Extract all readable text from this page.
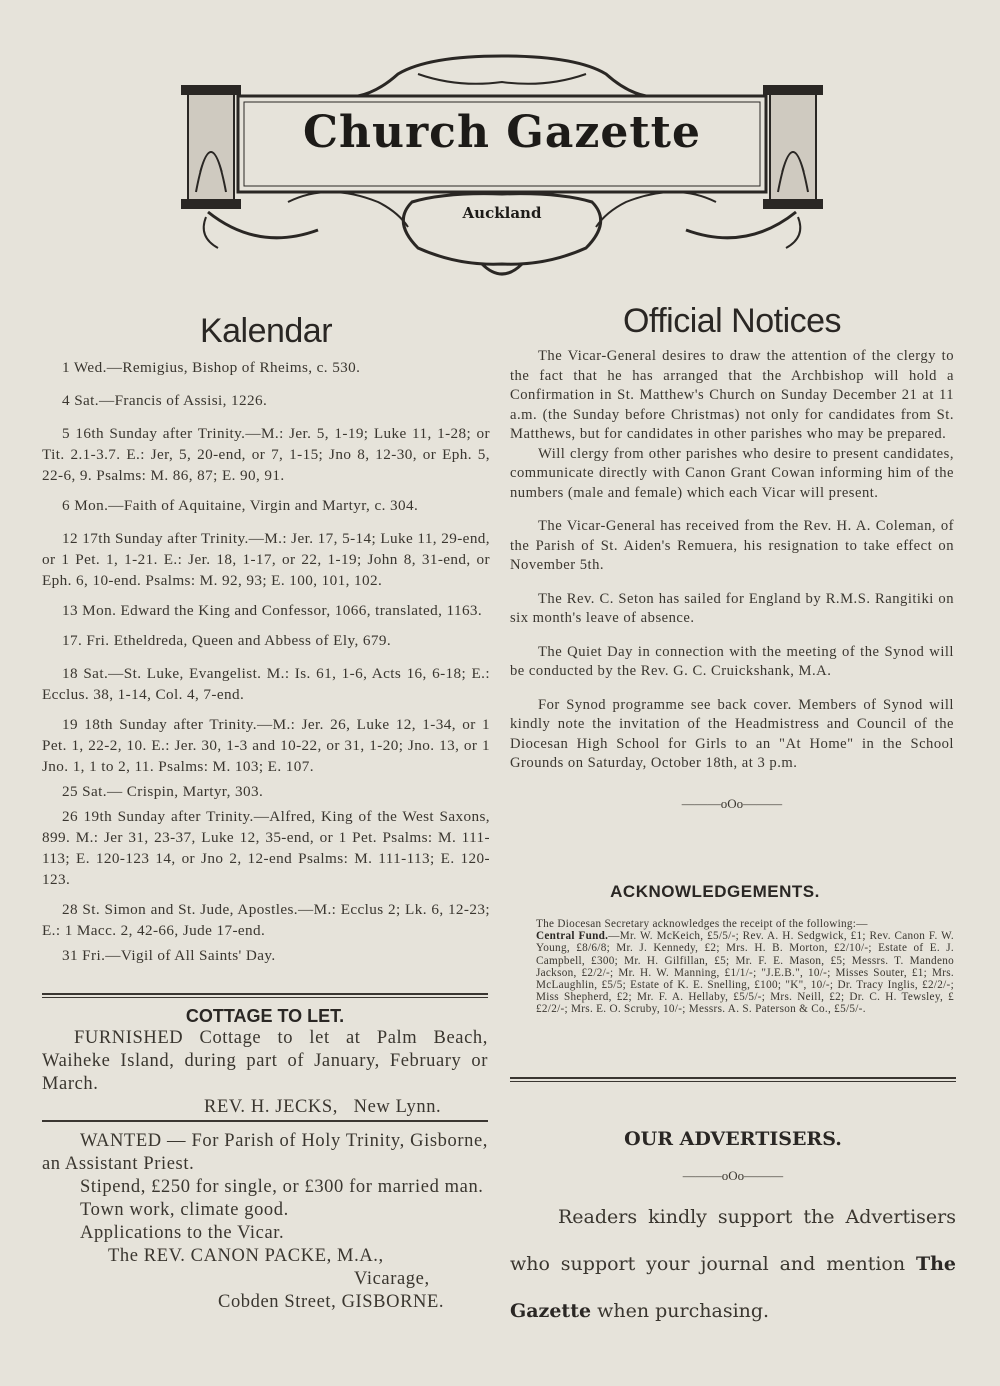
Church Gazette
Auckland
Kalendar

1 Wed.—Remigius, Bishop of Rheims, c. 530.

4 Sat.—Francis of Assisi, 1226.

5 16th Sunday after Trinity.—M.: Jer. 5, 1-19; Luke 11, 1-28; or Tit. 2.1-3.7. E.: Jer, 5, 20-end, or 7, 1-15; Jno 8, 12-30, or Eph. 5, 22-6, 9. Psalms: M. 86, 87; E. 90, 91.

6 Mon.—Faith of Aquitaine, Virgin and Martyr, c. 304.

12 17th Sunday after Trinity.—M.: Jer. 17, 5-14; Luke 11, 29-end, or 1 Pet. 1, 1-21. E.: Jer. 18, 1-17, or 22, 1-19; John 8, 31-end, or Eph. 6, 10-end. Psalms: M. 92, 93; E. 100, 101, 102.

13 Mon. Edward the King and Confessor, 1066, translated, 1163.

17. Fri. Etheldreda, Queen and Abbess of Ely, 679.

18 Sat.—St. Luke, Evangelist. M.: Is. 61, 1-6, Acts 16, 6-18; E.: Ecclus. 38, 1-14, Col. 4, 7-end.

19 18th Sunday after Trinity.—M.: Jer. 26, Luke 12, 1-34, or 1 Pet. 1, 22-2, 10. E.: Jer. 30, 1-3 and 10-22, or 31, 1-20; Jno. 13, or 1 Jno. 1, 1 to 2, 11. Psalms: M. 103; E. 107.

25 Sat.— Crispin, Martyr, 303.

26 19th Sunday after Trinity.—Alfred, King of the West Saxons, 899. M.: Jer 31, 23-37, Luke 12, 35-end, or 1 Pet. Psalms: M. 111-113; E. 120-123 14, or Jno 2, 12-end Psalms: M. 111-113; E. 120-123.

28 St. Simon and St. Jude, Apostles.—M.: Ecclus 2; Lk. 6, 12-23; E.: 1 Macc. 2, 42-66, Jude 17-end.

31 Fri.—Vigil of All Saints' Day.

COTTAGE TO LET.

FURNISHED Cottage to let at Palm Beach, Waiheke Island, during part of January, February or March.

REV. H. JECKS,   New Lynn.

WANTED — For Parish of Holy Trinity, Gisborne, an Assistant Priest.

Stipend, £250 for single, or £300 for married man.

Town work, climate good.

Applications to the Vicar.

The REV. CANON PACKE, M.A.,

Vicarage,

Cobden Street, GISBORNE.

Official Notices

The Vicar-General desires to draw the attention of the clergy to the fact that he has arranged that the Archbishop will hold a Confirmation in St. Matthew's Church on Sunday December 21 at 11 a.m. (the Sunday before Christmas) not only for candidates from St. Matthews, but for candidates in other parishes who may be prepared.

Will clergy from other parishes who desire to present candidates, communicate directly with Canon Grant Cowan informing him of the numbers (male and female) which each Vicar will present.

The Vicar-General has received from the Rev. H. A. Coleman, of the Parish of St. Aiden's Remuera, his resignation to take effect on November 5th.

The Rev. C. Seton has sailed for England by R.M.S. Rangitiki on six month's leave of absence.

The Quiet Day in connection with the meeting of the Synod will be conducted by the Rev. G. C. Cruickshank, M.A.

For Synod programme see back cover. Members of Synod will kindly note the invitation of the Headmistress and Council of the Diocesan High School for Girls to an "At Home" in the School Grounds on Saturday, October 18th, at 3 p.m.

———oOo———
ACKNOWLEDGEMENTS.

The Diocesan Secretary acknowledges the receipt of the following:—

Central Fund.—Mr. W. McKeich, £5/5/-; Rev. A. H. Sedgwick, £1; Rev. Canon F. W. Young, £8/6/8; Mr. J. Kennedy, £2; Mrs. H. B. Morton, £2/10/-; Estate of E. J. Campbell, £300; Mr. H. Gilfillan, £5; Mr. F. E. Mason, £5; Messrs. T. Mandeno Jackson, £2/2/-; Mr. H. W. Manning, £1/1/-; "J.E.B.", 10/-; Misses Souter, £1; Mrs. McLaughlin, £5/5; Estate of K. E. Snelling, £100; "K", 10/-; Dr. Tracy Inglis, £2/2/-; Miss Shepherd, £2; Mr. F. A. Hellaby, £5/5/-; Mrs. Neill, £2; Dr. C. H. Tewsley, ££2/2/-; Mrs. E. O. Scruby, 10/-; Messrs. A. S. Paterson & Co., £5/5/-.

OUR ADVERTISERS.
———oOo———

Readers kindly support the Advertisers who support your journal and mention The Gazette when purchasing.
